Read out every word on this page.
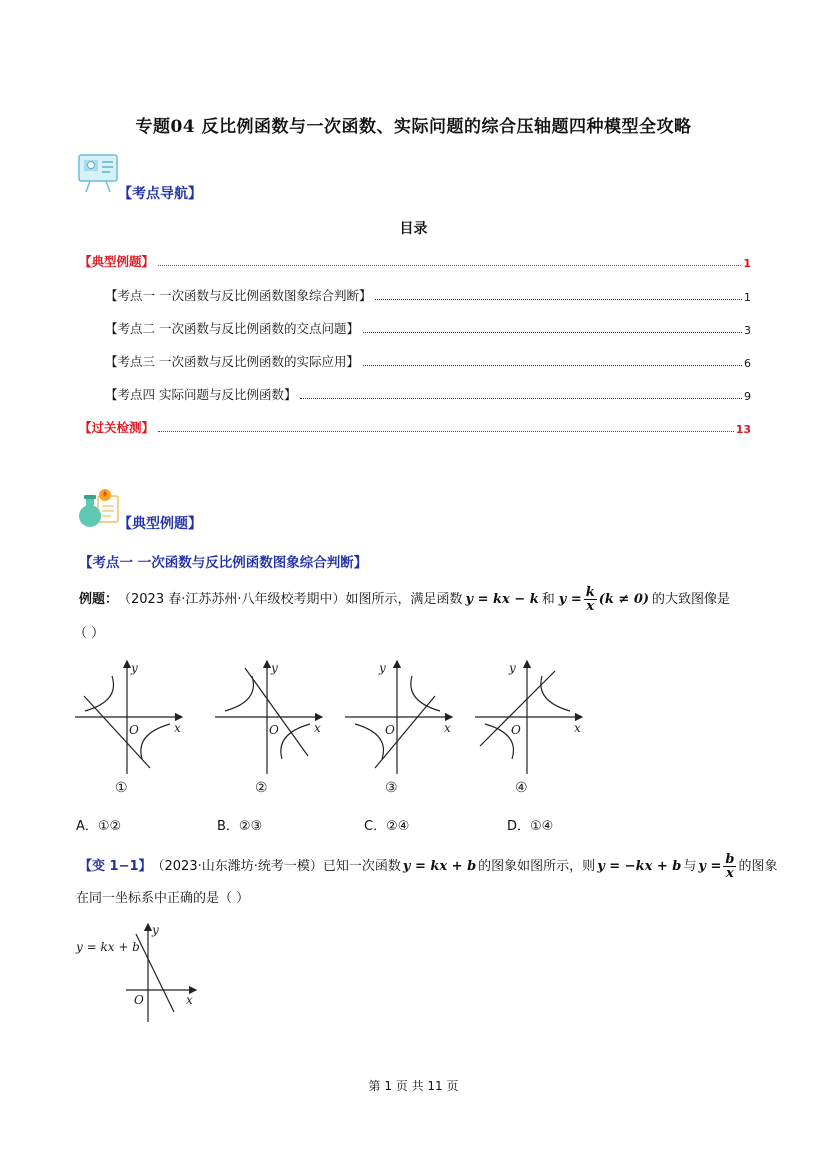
专题04 反比例函数与一次函数、实际问题的综合压轴题四种模型全攻略
【考点导航】
目录
【典型例题】	1
【考点一 一次函数与反比例函数图象综合判断】	1
【考点二 一次函数与反比例函数的交点问题】	3
【考点三 一次函数与反比例函数的实际应用】	6
【考点四 实际问题与反比例函数】	9
【过关检测】	13
【典型例题】
【考点一 一次函数与反比例函数图象综合判断】
例题： （2023 春·江苏苏州·八年级校考期中）如图所示，满足函数 y = kx − k 和 $y = \frac{k}{x} (k \ne 0)$ 的大致图像是
（ ）
y
x
O
y
x
O
y
x
O
y
x
O
①	②	③	④
A．①②	B．②③	C．②④	D．①④
【变 1−1】 （2023·山东潍坊·统考一模）已知一次函数 y = kx + b 的图象如图所示，则 y = −kx + b 与 $y = \frac{b}{x}$ 的图象
在同一坐标系中正确的是（ ）
y = kx + b
y
x
O
第 1 页 共 11 页
